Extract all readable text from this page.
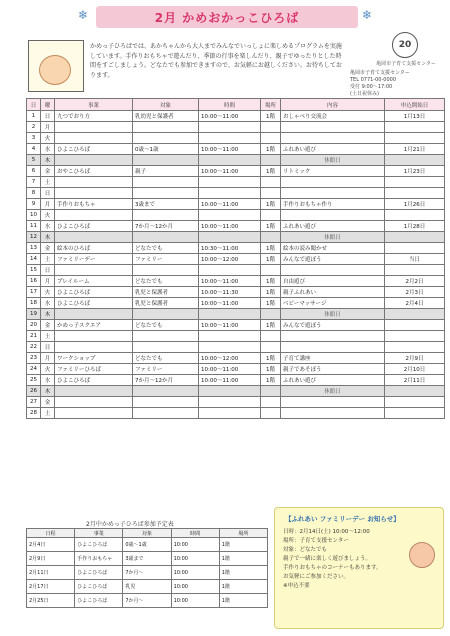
❄	2月 かめおかっこひろば	❄
20
亀岡市子育て支援センター
かめっ子ひろばでは、あかちゃんから大人までみんなでいっしょに楽しめるプログラムを実施しています。手作りおもちゃで遊んだり、季節の行事を楽しんだり、親子でゆったりとした時間をすごしましょう。どなたでも参加できますので、お気軽にお越しください。お待ちしております。	亀岡市子育て支援センター
TEL 0771-00-0000
受付 9:00〜17:00
(土日祝休み)
日	曜	事業	対象	時間	場所	内容	申込開始日
1	日	九つでおり方	乳幼児と保護者	10:00〜11:00	1階	おしゃべり交流会	1月13日
2	月						
3	火						
4	水	ひよこひろば	0歳〜1歳	10:00〜11:00	1階	ふれあい遊び	1月21日
5	木					休館日	
6	金	おやこひろば	親子	10:00〜11:00	1階	リトミック	1月23日
7	土						
8	日						
9	月	手作りおもちゃ	3歳まで	10:00〜11:00	1階	手作りおもちゃ作り	1月26日
10	火						
11	水	ひよこひろば	7か月〜12か月	10:00〜11:00	1階	ふれあい遊び	1月28日
12	木					休館日	
13	金	絵本のひろば	どなたでも	10:30〜11:00	1階	絵本の読み聞かせ	
14	土	ファミリーデー	ファミリー	10:00〜12:00	1階	みんなで遊ぼう	当日
15	日						
16	月	プレイルーム	どなたでも	10:00〜11:00	1階	自由遊び	2月2日
17	火	ひよこひろば	乳児と保護者	10:00〜11:30	1階	親子ふれあい	2月3日
18	水	ひよこひろば	乳児と保護者	10:00〜11:00	1階	ベビーマッサージ	2月4日
19	木					休館日	
20	金	かめっ子スクエア	どなたでも	10:00〜11:00	1階	みんなで遊ぼう	
21	土						
22	日						
23	月	ワークショップ	どなたでも	10:00〜12:00	1階	子育て講座	2月9日
24	火	ファミリーひろば	ファミリー	10:00〜11:00	1階	親子であそぼう	2月10日
25	水	ひよこひろば	7か月〜12か月	10:00〜11:00	1階	ふれあい遊び	2月11日
26	木					休館日	
27	金						
28	土						
2月中かめっ子ひろば参加予定表
日程	事業	対象	時間	場所
2月4日	ひよこひろば	0歳〜1歳	10:00	1階
2月9日	手作りおもちゃ	3歳まで	10:00	1階
2月11日	ひよこひろば	7か月〜	10:00	1階
2月17日	ひよこひろば	乳児	10:00	1階
2月25日	ひよこひろば	7か月〜	10:00	1階
【ふれあい ファミリーデー お知らせ】
日時：2月14日(土) 10:00〜12:00
場所：子育て支援センター
対象：どなたでも
親子で一緒に楽しく遊びましょう。
手作りおもちゃのコーナーもあります。
お気軽にご参加ください。
※申込不要
